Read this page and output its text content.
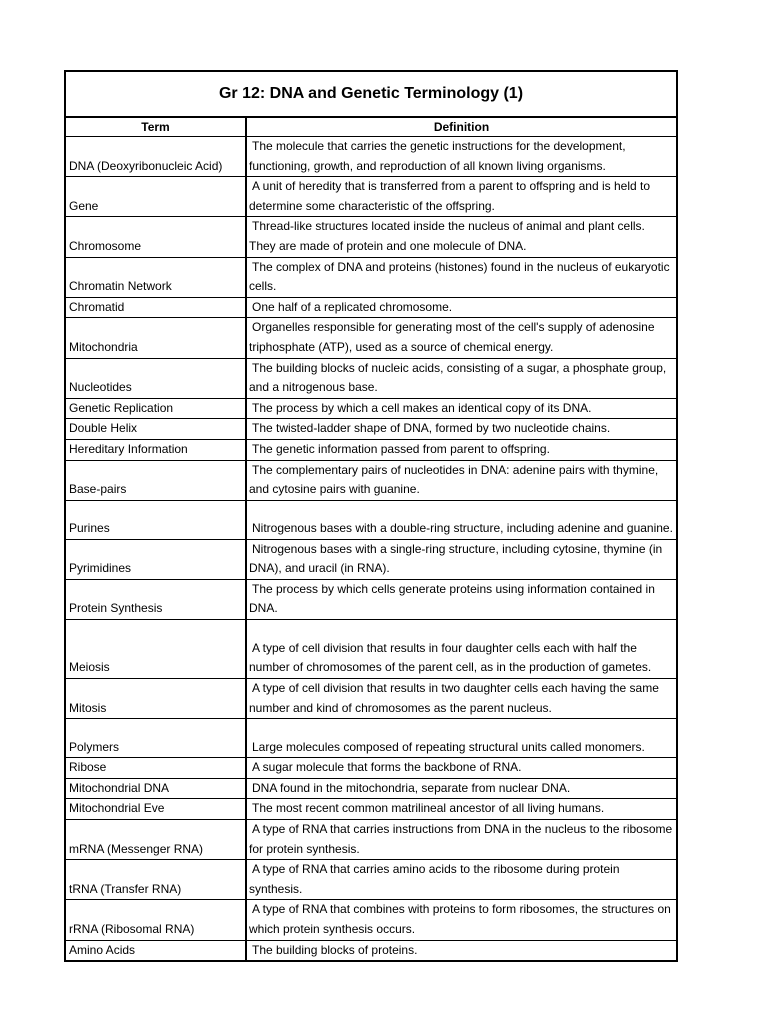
Gr 12: DNA and Genetic Terminology (1)
Term	Definition
DNA (Deoxyribonucleic Acid)	The molecule that carries the genetic instructions for the development, functioning, growth, and reproduction of all known living organisms.
Gene	A unit of heredity that is transferred from a parent to offspring and is held to determine some characteristic of the offspring.
Chromosome	Thread-like structures located inside the nucleus of animal and plant cells. They are made of protein and one molecule of DNA.
Chromatin Network	The complex of DNA and proteins (histones) found in the nucleus of eukaryotic cells.
Chromatid	One half of a replicated chromosome.
Mitochondria	Organelles responsible for generating most of the cell's supply of adenosine triphosphate (ATP), used as a source of chemical energy.
Nucleotides	The building blocks of nucleic acids, consisting of a sugar, a phosphate group, and a nitrogenous base.
Genetic Replication	The process by which a cell makes an identical copy of its DNA.
Double Helix	The twisted-ladder shape of DNA, formed by two nucleotide chains.
Hereditary Information	The genetic information passed from parent to offspring.
Base-pairs	The complementary pairs of nucleotides in DNA: adenine pairs with thymine, and cytosine pairs with guanine.
Purines	Nitrogenous bases with a double-ring structure, including adenine and guanine.
Pyrimidines	Nitrogenous bases with a single-ring structure, including cytosine, thymine (in DNA), and uracil (in RNA).
Protein Synthesis	The process by which cells generate proteins using information contained in DNA.
Meiosis	A type of cell division that results in four daughter cells each with half the number of chromosomes of the parent cell, as in the production of gametes.
Mitosis	A type of cell division that results in two daughter cells each having the same number and kind of chromosomes as the parent nucleus.
Polymers	Large molecules composed of repeating structural units called monomers.
Ribose	A sugar molecule that forms the backbone of RNA.
Mitochondrial DNA	DNA found in the mitochondria, separate from nuclear DNA.
Mitochondrial Eve	The most recent common matrilineal ancestor of all living humans.
mRNA (Messenger RNA)	A type of RNA that carries instructions from DNA in the nucleus to the ribosome for protein synthesis.
tRNA (Transfer RNA)	A type of RNA that carries amino acids to the ribosome during protein synthesis.
rRNA (Ribosomal RNA)	A type of RNA that combines with proteins to form ribosomes, the structures on which protein synthesis occurs.
Amino Acids	The building blocks of proteins.
